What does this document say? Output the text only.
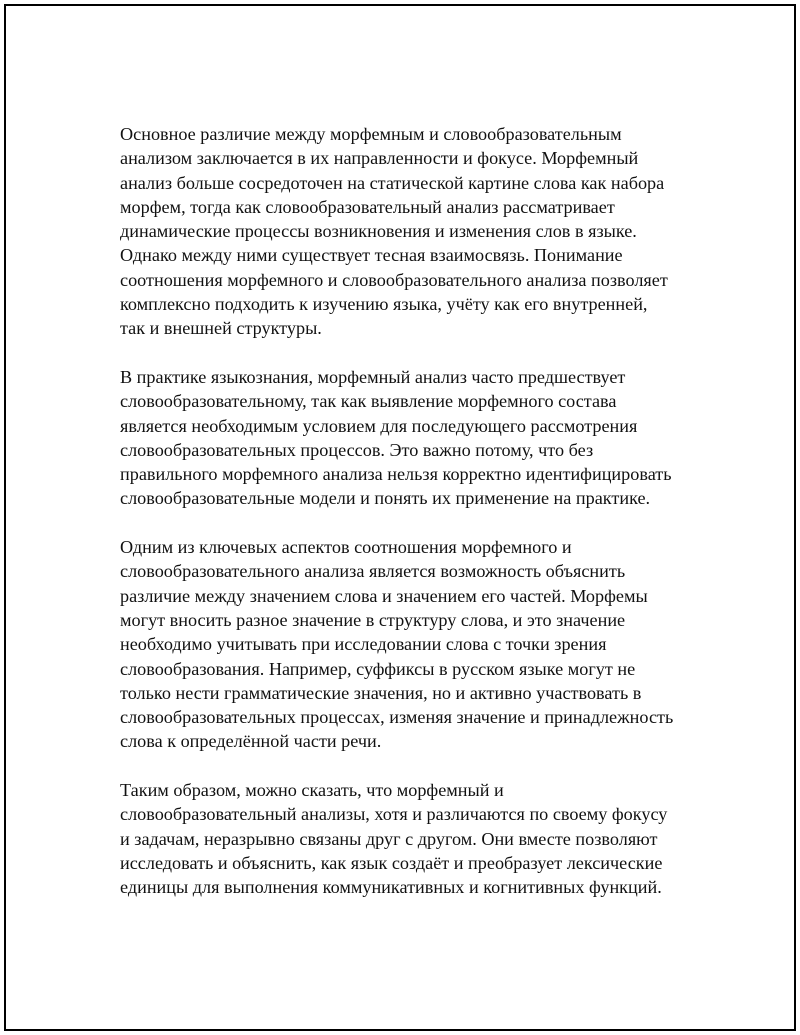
Основное различие между морфемным и словообразовательным
анализом заключается в их направленности и фокусе. Морфемный
анализ больше сосредоточен на статической картине слова как набора
морфем, тогда как словообразовательный анализ рассматривает
динамические процессы возникновения и изменения слов в языке.
Однако между ними существует тесная взаимосвязь. Понимание
соотношения морфемного и словообразовательного анализа позволяет
комплексно подходить к изучению языка, учёту как его внутренней,
так и внешней структуры.

В практике языкознания, морфемный анализ часто предшествует
словообразовательному, так как выявление морфемного состава
является необходимым условием для последующего рассмотрения
словообразовательных процессов. Это важно потому, что без
правильного морфемного анализа нельзя корректно идентифицировать
словообразовательные модели и понять их применение на практике.

Одним из ключевых аспектов соотношения морфемного и
словообразовательного анализа является возможность объяснить
различие между значением слова и значением его частей. Морфемы
могут вносить разное значение в структуру слова, и это значение
необходимо учитывать при исследовании слова с точки зрения
словообразования. Например, суффиксы в русском языке могут не
только нести грамматические значения, но и активно участвовать в
словообразовательных процессах, изменяя значение и принадлежность
слова к определённой части речи.

Таким образом, можно сказать, что морфемный и
словообразовательный анализы, хотя и различаются по своему фокусу
и задачам, неразрывно связаны друг с другом. Они вместе позволяют
исследовать и объяснить, как язык создаёт и преобразует лексические
единицы для выполнения коммуникативных и когнитивных функций.
